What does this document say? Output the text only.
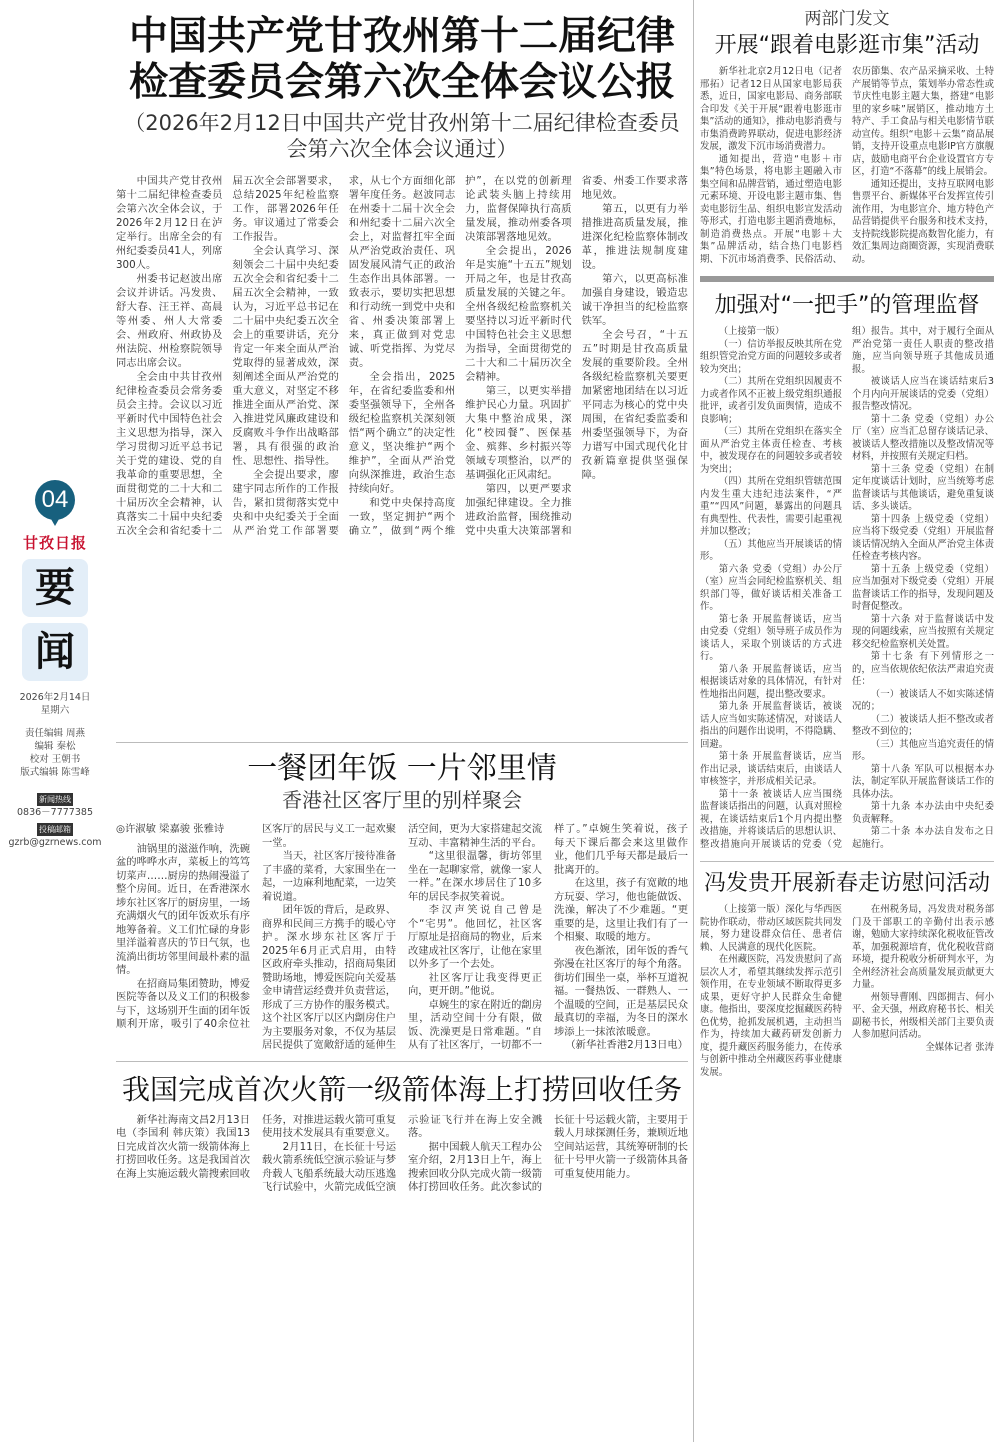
04
甘孜日报
要
闻
2026年2月14日
星期六
责任编辑 周燕
编辑 秦松
校对 王朝书
版式编辑 陈雪峰
新闻热线
0836－7777385
投稿邮箱
gzrb@gzrnews.com
中国共产党甘孜州第十二届纪律
检查委员会第六次全体会议公报
（2026年2月12日中国共产党甘孜州第十二届纪律检查委员会第六次全体会议通过）

中国共产党甘孜州第十二届纪律检查委员会第六次全体会议，于2026年2月12日在泸定举行。出席全会的有州纪委委员41人，列席300人。

州委书记赵波出席会议并讲话。冯发贵、舒大春、汪王祥、高晨等州委、州人大常委会、州政府、州政协及州法院、州检察院领导同志出席会议。

全会由中共甘孜州纪律检查委员会常务委员会主持。会议以习近平新时代中国特色社会主义思想为指导，深入学习贯彻习近平总书记关于党的建设、党的自我革命的重要思想，全面贯彻党的二十大和二十届历次全会精神，认真落实二十届中央纪委五次全会和省纪委十二届五次全会部署要求，总结2025年纪检监察工作，部署2026年任务。审议通过了常委会工作报告。

全会认真学习、深刻领会二十届中央纪委五次全会和省纪委十二届五次全会精神，一致认为，习近平总书记在二十届中央纪委五次全会上的重要讲话，充分肯定一年来全面从严治党取得的显著成效，深刻阐述全面从严治党的重大意义，对坚定不移推进全面从严治党、深入推进党风廉政建设和反腐败斗争作出战略部署，具有很强的政治性、思想性、指导性。

全会提出要求，廖建宇同志所作的工作报告，紧扣贯彻落实党中央和中央纪委关于全面从严治党工作部署要求，从七个方面细化部署年度任务。赵波同志在州委十二届十次全会和州纪委十二届六次全会上，对监督扛牢全面从严治党政治责任、巩固发展风清气正的政治生态作出具体部署。一致表示，要切实把思想和行动统一到党中央和省、州委决策部署上来，真正做到对党忠诚、听党指挥、为党尽责。

全会指出，2025年，在省纪委监委和州委坚强领导下，全州各级纪检监察机关深刻领悟“两个确立”的决定性意义，坚决维护“两个维护”，全面从严治党向纵深推进，政治生态持续向好。

和党中央保持高度一致，坚定拥护“两个确立”，做到“两个维护”，在以党的创新理论武装头脑上持续用力，监督保障执行高质量发展，推动州委各项决策部署落地见效。

全会提出，2026年是实施“十五五”规划开局之年，也是甘孜高质量发展的关键之年。全州各级纪检监察机关要坚持以习近平新时代中国特色社会主义思想为指导，全面贯彻党的二十大和二十届历次全会精神。

第三，以更实举措维护民心力量。巩固扩大集中整治成果，深化“校园餐”、医保基金、殡葬、乡村振兴等领域专项整治，以严的基调强化正风肃纪。

第四，以更严要求加强纪律建设。全力推进政治监督，围绕推动党中央重大决策部署和省委、州委工作要求落地见效。

第五，以更有力举措推进高质量发展，推进深化纪检监察体制改革，推进法规制度建设。

第六，以更高标准加强自身建设，锻造忠诚干净担当的纪检监察铁军。

全会号召，“十五五”时期是甘孜高质量发展的重要阶段。全州各级纪检监察机关要更加紧密地团结在以习近平同志为核心的党中央周围，在省纪委监委和州委坚强领导下，为奋力谱写中国式现代化甘孜新篇章提供坚强保障。

一餐团年饭 一片邻里情
香港社区客厅里的别样聚会

◎许淑敏 梁嘉骏 张雅诗

油锅里的滋滋作响，洗碗盆的哗哗水声，菜板上的笃笃切菜声……厨房的热闹漫溢了整个房间。近日，在香港深水埗东社区客厅的厨房里，一场充满烟火气的团年饭欢乐有序地筹备着。义工们忙碌的身影里洋溢着喜庆的节日气氛，也流淌出街坊邻里间最朴素的温情。

在招商局集团赞助，博爱医院等备以及义工们的积极参与下，这场别开生面的团年饭顺利开席，吸引了40余位社区客厅的居民与义工一起欢聚一堂。

当天，社区客厅接待准备了丰盛的菜肴，大家围坐在一起，一边麻利地配菜，一边笑着说道。

团年饭的背后，是政界、商界和民间三方携手的暖心守护。深水埗东社区客厅于2025年6月正式启用，由特区政府牵头推动，招商局集团赞助场地，博爱医院向关爱基金申请营运经费并负责营运，形成了三方协作的服务模式。这个社区客厅以区内劏房住户为主要服务对象，不仅为基层居民提供了宽敞舒适的延伸生活空间，更为大家搭建起交流互动、丰富精神生活的平台。

“这里很温馨，街坊邻里坐在一起聊家常，就像一家人一样。”在深水埗居住了10多年的居民李叔笑着说。

李汉声笑说自己曾是个“宅男”。他回忆，社区客厅原址是招商局的物业，后来改建成社区客厅，让他在家里以外多了一个去处。

社区客厅让我变得更正向，更开朗。”他说。

卓婉生的家在附近的劏房里，活动空间十分有限，做饭、洗澡更是日常难题。“自从有了社区客厅，一切都不一样了。”卓婉生笑着说，孩子每天下课后都会来这里做作业，他们几乎每天都是最后一批离开的。

在这里，孩子有宽敞的地方玩耍、学习，他也能做饭、洗澡，解决了不少难题。“更重要的是，这里让我们有了一个相聚、取暖的地方。

夜色渐浓，团年饭的香气弥漫在社区客厅的每个角落。街坊们围坐一桌，举杯互道祝福。一餐热饭、一群熟人、一个温暖的空间，正是基层民众最真切的幸福，为冬日的深水埗添上一抹浓浓暖意。

（新华社香港2月13日电）

我国完成首次火箭一级箭体海上打捞回收任务

新华社海南文昌2月13日电（李国利 韩庆策）我国13日完成首次火箭一级箭体海上打捞回收任务。这是我国首次在海上实施运载火箭搜索回收任务，对推进运载火箭可重复使用技术发展具有重要意义。

2月11日，在长征十号运载火箭系统低空演示验证与梦舟载人飞船系统最大动压逃逸飞行试验中，火箭完成低空演示验证飞行并在海上安全溅落。

据中国载人航天工程办公室介绍，2月13日上午，海上搜索回收分队完成火箭一级箭体打捞回收任务。此次参试的长征十号运载火箭，主要用于载人月球探测任务，兼顾近地空间站运营，其统筹研制的长征十号甲火箭一子级箭体具备可重复使用能力。

两部门发文
开展“跟着电影逛市集”活动

新华社北京2月12日电（记者 邢拓）记者12日从国家电影局获悉，近日，国家电影局、商务部联合印发《关于开展“跟着电影逛市集”活动的通知》，推动电影消费与市集消费跨界联动，促进电影经济发展，激发下沉市场消费潜力。

通知提出，营造“电影＋市集”特色场景，将电影主题融入市集空间和品牌营销，通过塑造电影元素环境、开设电影主题市集、售卖电影衍生品、组织电影宣发活动等形式，打造电影主题消费地标，制造消费热点。开展“电影＋大集”品牌活动，结合热门电影档期、下沉市场消费季、民俗活动、农历節集、农产品采摘采收、土特产展销等节点，策划举办常态性或节庆性电影主题大集，搭建“电影里的家乡味”展销区，推动地方土特产、手工食品与相关电影情节联动宣传。组织“电影＋云集”商品展销，支持开设重点电影IP官方旗舰店，鼓励电商平台企业设置官方专区，打造“不落幕”的线上展销会。

通知还提出，支持互联网电影售票平台、新媒体平台发挥宣传引流作用，为电影宣介、地方特色产品营销提供平台服务和技术支持，支持院线影院提高数智化能力，有效汇集周边商圈资源，实现消费联动。

加强对“一把手”的管理监督

（上接第一版）

（一）信访举报反映其所在党组织管党治党方面的问题较多或者较为突出；

（二）其所在党组织因履责不力或者作风不正被上级党组织通报批评，或者引发负面舆情，造成不良影响；

（三）其所在党组织在落实全面从严治党主体责任检查、考核中，被发现存在的问题较多或者较为突出；

（四）其所在党组织管辖范围内发生重大违纪违法案件，“严重”“四风”问题，暴露出的问题具有典型性、代表性，需要引起重视并加以整改；

（五）其他应当开展谈话的情形。

第六条 党委（党组）办公厅（室）应当会同纪检监察机关、组织部门等，做好谈话相关准备工作。

第七条 开展监督谈话，应当由党委（党组）领导班子成员作为谈话人，采取个别谈话的方式进行。

第八条 开展监督谈话，应当根据谈话对象的具体情况，有针对性地指出问题，提出整改要求。

第九条 开展监督谈话，被谈话人应当如实陈述情况，对谈话人指出的问题作出说明，不得隐瞒、回避。

第十条 开展监督谈话，应当作出记录，谈话结束后，由谈话人审核签字，并形成相关记录。

第十一条 被谈话人应当围绕监督谈话指出的问题，认真对照检视，在谈话结束后1个月内提出整改措施，并将谈话后的思想认识、整改措施向开展谈话的党委（党组）报告。其中，对于履行全面从严治党第一责任人职责的整改措施，应当向领导班子其他成员通报。

被谈话人应当在谈话结束后3个月内向开展谈话的党委（党组）报告整改情况。

第十二条 党委（党组）办公厅（室）应当汇总留存谈话记录、被谈话人整改措施以及整改情况等材料，并按照有关规定归档。

第十三条 党委（党组）在制定年度谈话计划时，应当统筹考虑监督谈话与其他谈话，避免重复谈话、多头谈话。

第十四条 上级党委（党组）应当将下级党委（党组）开展监督谈话情况纳入全面从严治党主体责任检查考核内容。

第十五条 上级党委（党组）应当加强对下级党委（党组）开展监督谈话工作的指导，发现问题及时督促整改。

第十六条 对于监督谈话中发现的问题线索，应当按照有关规定移交纪检监察机关处置。

第十七条 有下列情形之一的，应当依规依纪依法严肃追究责任：

（一）被谈话人不如实陈述情况的；

（二）被谈话人拒不整改或者整改不到位的；

（三）其他应当追究责任的情形。

第十八条 军队可以根据本办法，制定军队开展监督谈话工作的具体办法。

第十九条 本办法由中央纪委负责解释。

第二十条 本办法自发布之日起施行。

冯发贵开展新春走访慰问活动

（上接第一版）深化与华西医院协作联动，带动区域医院共同发展，努力建设群众信任、患者信赖、人民满意的现代化医院。

在州藏医院，冯发贵慰问了高层次人才，希望其继续发挥示范引领作用，在专业领域不断取得更多成果，更好守护人民群众生命健康。他指出，要深度挖掘藏医药特色优势，抢抓发展机遇，主动担当作为，持续加大藏药研发创新力度，提升藏医药服务能力，在传承与创新中推动全州藏医药事业健康发展。

在州税务局，冯发贵对税务部门及干部职工的辛勤付出表示感谢，勉励大家持续深化税收征管改革，加强税源培育，优化税收营商环境，提升税收分析研判水平，为全州经济社会高质量发展贡献更大力量。

州领导曹刚、四郎拥吉、何小平、金天强，州政府秘书长、相关副秘书长，州级相关部门主要负责人参加慰问活动。

全媒体记者 张涛
